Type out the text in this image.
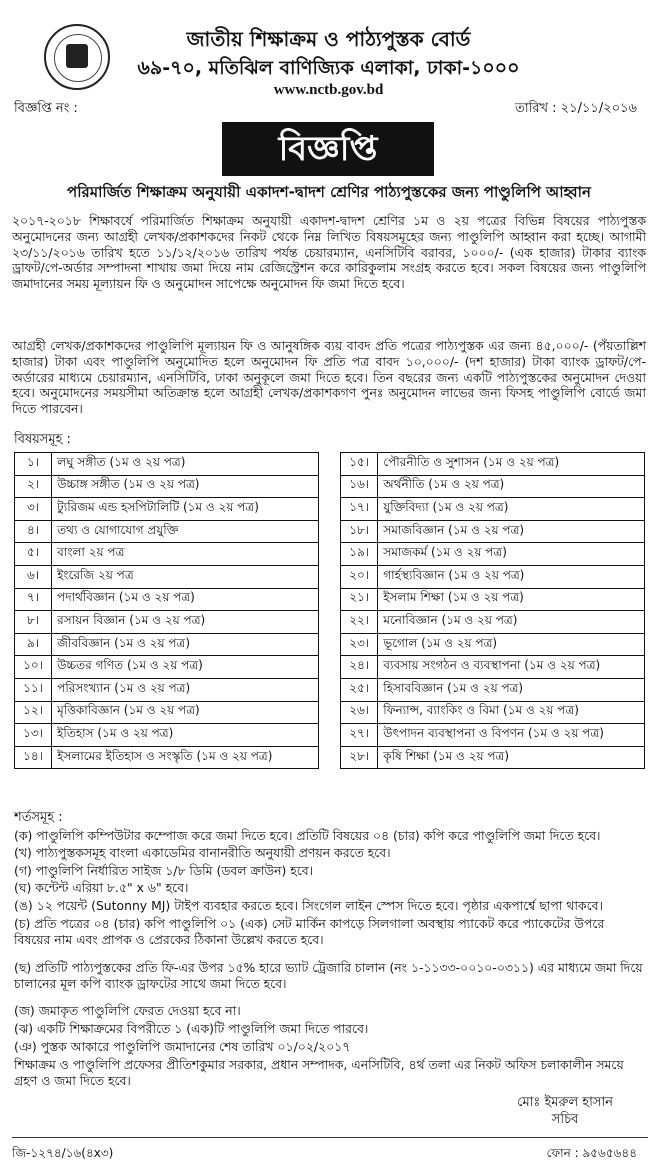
জাতীয় শিক্ষাক্রম ও পাঠ্যপুস্তক বোর্ড
৬৯-৭০, মতিঝিল বাণিজ্যিক এলাকা, ঢাকা-১০০০
www.nctb.gov.bd
বিজ্ঞপ্তি নং :	তারিখ : ২১/১১/২০১৬
বিজ্ঞপ্তি
পরিমার্জিত শিক্ষাক্রম অনুযায়ী একাদশ-দ্বাদশ শ্রেণির পাঠ্যপুস্তকের জন্য পাণ্ডুলিপি আহ্বান
২০১৭-২০১৮ শিক্ষাবর্ষে পরিমার্জিত শিক্ষাক্রম অনুযায়ী একাদশ-দ্বাদশ শ্রেণির ১ম ও ২য় পত্রের বিভিন্ন বিষয়ের পাঠ্যপুস্তক অনুমোদনের জন্য আগ্রহী লেখক/প্রকাশকদের নিকট থেকে নিম্ন লিখিত বিষয়সমূহের জন্য পাণ্ডুলিপি আহ্বান করা হচ্ছে। আগামী ২৩/১১/২০১৬ তারিখ হতে ১১/১২/২০১৬ তারিখ পর্যন্ত চেয়ারম্যান, এনসিটিবি বরাবর, ১০০০/- (এক হাজার) টাকার ব্যাংক ড্রাফট/পে-অর্ডার সম্পাদনা শাখায় জমা দিয়ে নাম রেজিস্ট্রেশন করে কারিকুলাম সংগ্রহ করতে হবে। সকল বিষয়ের জন্য পাণ্ডুলিপি জমাদানের সময় মূল্যায়ন ফি ও অনুমোদন সাপেক্ষে অনুমোদন ফি জমা দিতে হবে।
আগ্রহী লেখক/প্রকাশকদের পাণ্ডুলিপি মূল্যায়ন ফি ও আনুষঙ্গিক ব্যয় বাবদ প্রতি পত্রের পাঠ্যপুস্তক এর জন্য ৪৫,০০০/- (পঁয়তাল্লিশ হাজার) টাকা এবং পাণ্ডুলিপি অনুমোদিত হলে অনুমোদন ফি প্রতি পত্র বাবদ ১০,০০০/- (দশ হাজার) টাকা ব্যাংক ড্রাফট/পে-অর্ডারের মাধ্যমে চেয়ারম্যান, এনসিটিবি, ঢাকা অনুকূলে জমা দিতে হবে। তিন বছরের জন্য একটি পাঠ্যপুস্তকের অনুমোদন দেওয়া হবে। অনুমোদনের সময়সীমা অতিক্রান্ত হলে আগ্রহী লেখক/প্রকাশকগণ পুনঃ অনুমোদন লাভের জন্য ফিসহ পাণ্ডুলিপি বোর্ডে জমা দিতে পারবেন।
বিষয়সমূহ :
১।	লঘু সঙ্গীত (১ম ও ২য় পত্র)		১৫।	পৌরনীতি ও সুশাসন (১ম ও ২য় পত্র)
২।	উচ্চাঙ্গ সঙ্গীত (১ম ও ২য় পত্র)		১৬।	অর্থনীতি (১ম ও ২য় পত্র)
৩।	ট্যুরিজম এন্ড হসপিটালিটি (১ম ও ২য় পত্র)		১৭।	যুক্তিবিদ্যা (১ম ও ২য় পত্র)
৪।	তথ্য ও যোগাযোগ প্রযুক্তি		১৮।	সমাজবিজ্ঞান (১ম ও ২য় পত্র)
৫।	বাংলা ২য় পত্র		১৯।	সমাজকর্ম (১ম ও ২য় পত্র)
৬।	ইংরেজি ২য় পত্র		২০।	গার্হস্থ্যবিজ্ঞান (১ম ও ২য় পত্র)
৭।	পদার্থবিজ্ঞান (১ম ও ২য় পত্র)		২১।	ইসলাম শিক্ষা (১ম ও ২য় পত্র)
৮।	রসায়ন বিজ্ঞান (১ম ও ২য় পত্র)		২২।	মনোবিজ্ঞান (১ম ও ২য় পত্র)
৯।	জীববিজ্ঞান (১ম ও ২য় পত্র)		২৩।	ভূগোল (১ম ও ২য় পত্র)
১০।	উচ্চতর গণিত (১ম ও ২য় পত্র)		২৪।	ব্যবসায় সংগঠন ও ব্যবস্থাপনা (১ম ও ২য় পত্র)
১১।	পরিসংখ্যান (১ম ও ২য় পত্র)		২৫।	হিসাববিজ্ঞান (১ম ও ২য় পত্র)
১২।	মৃত্তিকাবিজ্ঞান (১ম ও ২য় পত্র)		২৬।	ফিন্যান্স, ব্যাংকিং ও বিমা (১ম ও ২য় পত্র)
১৩।	ইতিহাস (১ম ও ২য় পত্র)		২৭।	উৎপাদন ব্যবস্থাপনা ও বিপণন (১ম ও ২য় পত্র)
১৪।	ইসলামের ইতিহাস ও সংস্কৃতি (১ম ও ২য় পত্র)		২৮।	কৃষি শিক্ষা (১ম ও ২য় পত্র)
শর্তসমূহ :
(ক) পাণ্ডুলিপি কম্পিউটার কম্পোজ করে জমা দিতে হবে। প্রতিটি বিষয়ের ০৪ (চার) কপি করে পাণ্ডুলিপি জমা দিতে হবে।
(খ) পাঠ্যপুস্তকসমূহ বাংলা একাডেমির বানানরীতি অনুযায়ী প্রণয়ন করতে হবে।
(গ) পাণ্ডুলিপি নির্ধারিত সাইজ ১/৮ ডিমি (ডবল ক্রাউন) হবে।
(ঘ) কন্টেন্ট এরিয়া ৮.৫" x ৬" হবে।
(ঙ) ১২ পয়েন্ট (Sutonny MJ) টাইপ ব্যবহার করতে হবে। সিংগেল লাইন স্পেস দিতে হবে। পৃষ্ঠার একপার্শ্বে ছাপা থাকবে।
(চ) প্রতি পত্রের ০৪ (চার) কপি পাণ্ডুলিপি ০১ (এক) সেট মার্কিন কাপড়ে সিলগালা অবস্থায় প্যাকেট করে প্যাকেটের উপরে বিষয়ের নাম এবং প্রাপক ও প্রেরকের ঠিকানা উল্লেখ করতে হবে।
(ছ) প্রতিটি পাঠ্যপুস্তকের প্রতি ফি-এর উপর ১৫% হারে ভ্যাট ট্রেজারি চালান (নং ১-১১৩৩-০০১০-০৩১১) এর মাধ্যমে জমা দিয়ে চালানের মূল কপি ব্যাংক ড্রাফটের সাথে জমা দিতে হবে।
(জ) জমাকৃত পাণ্ডুলিপি ফেরত দেওয়া হবে না।
(ঝ) একটি শিক্ষাক্রমের বিপরীতে ১ (এক)টি পাণ্ডুলিপি জমা দিতে পারবে।
(ঞ) পুস্তক আকারে পাণ্ডুলিপি জমাদানের শেষ তারিখ ০১/০২/২০১৭
শিক্ষাক্রম ও পাণ্ডুলিপি প্রফেসর প্রীতিশকুমার সরকার, প্রধান সম্পাদক, এনসিটিবি, ৪র্থ তলা এর নিকট অফিস চলাকালীন সময়ে গ্রহণ ও জমা দিতে হবে।
মোঃ ইমরুল হাসান
সচিব
জি-১২৭৪/১৬(৪x৩)	ফোন : ৯৫৬৫৬৪৪
